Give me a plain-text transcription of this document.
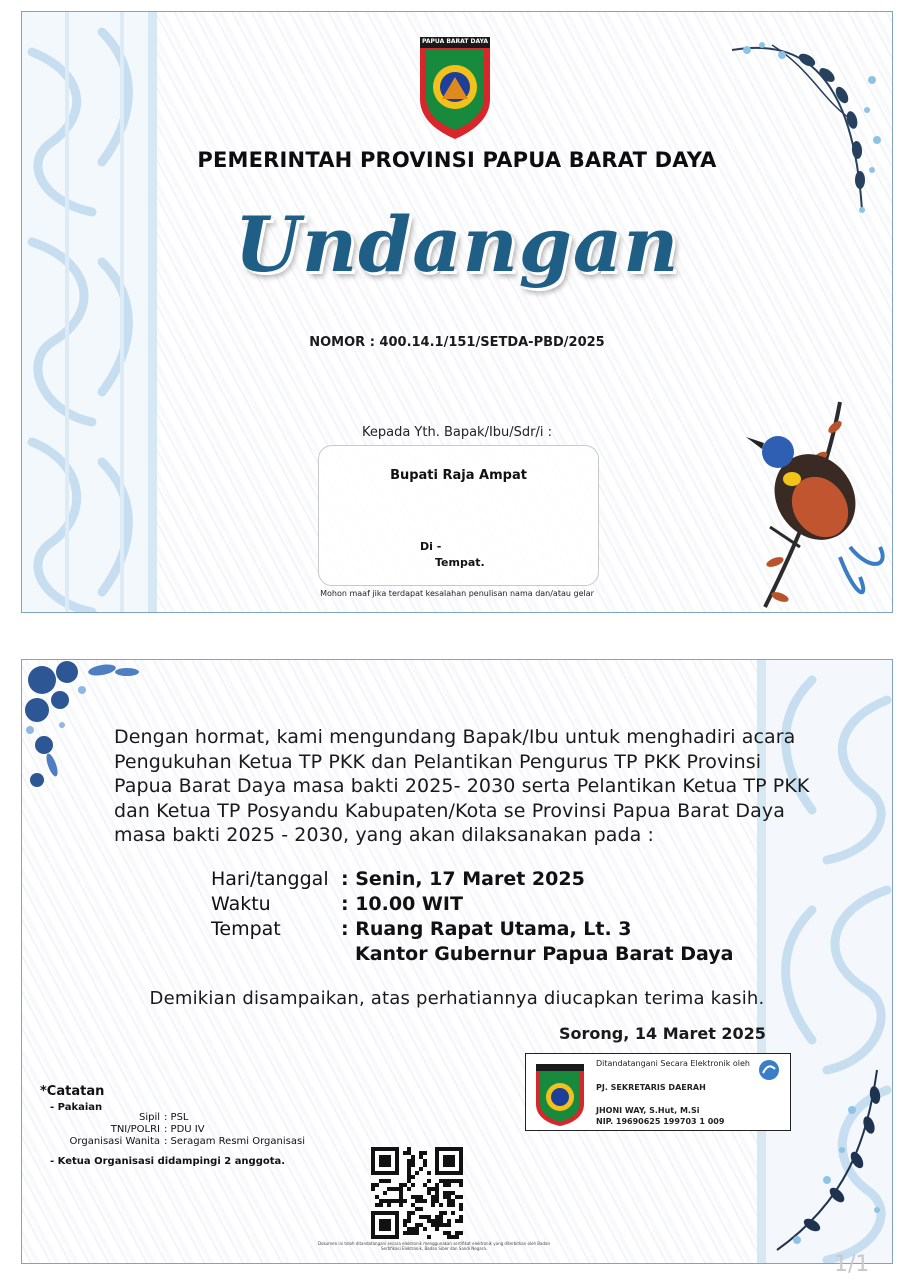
PAPUA BARAT DAYA
PEMERINTAH PROVINSI PAPUA BARAT DAYA
Undangan
NOMOR : 400.14.1/151/SETDA-PBD/2025
Kepada Yth. Bapak/Ibu/Sdr/i :
Bupati Raja Ampat
Di -
Tempat.
Mohon maaf jika terdapat kesalahan penulisan nama dan/atau gelar
Dengan hormat, kami mengundang Bapak/Ibu untuk menghadiri acara
Pengukuhan Ketua TP PKK dan Pelantikan Pengurus TP PKK Provinsi
Papua Barat Daya masa bakti 2025- 2030 serta Pelantikan Ketua TP PKK
dan Ketua TP Posyandu Kabupaten/Kota se Provinsi Papua Barat Daya
masa bakti 2025 - 2030, yang akan dilaksanakan pada :
Hari/tanggal : Senin, 17 Maret 2025
Waktu	: 10.00 WIT
Tempat	: Ruang Rapat Utama, Lt. 3
Kantor Gubernur Papua Barat Daya
Demikian disampaikan, atas perhatiannya diucapkan terima kasih.
Sorong, 14 Maret 2025
Ditandatangani Secara Elektronik oleh
PJ. SEKRETARIS DAERAH
JHONI WAY, S.Hut, M.Si
NIP. 19690625 199703 1 009
*Catatan
- Pakaian
Sipil : PSL
TNI/POLRI : PDU IV
Organisasi Wanita : Seragam Resmi Organisasi
- Ketua Organisasi didampingi 2 anggota.
Dokumen ini telah ditandatangani secara elektronik menggunakan sertifikat elektronik yang diterbitkan oleh Badan Sertifikasi Elektronik, Badan Siber dan Sandi Negara.
1/1
